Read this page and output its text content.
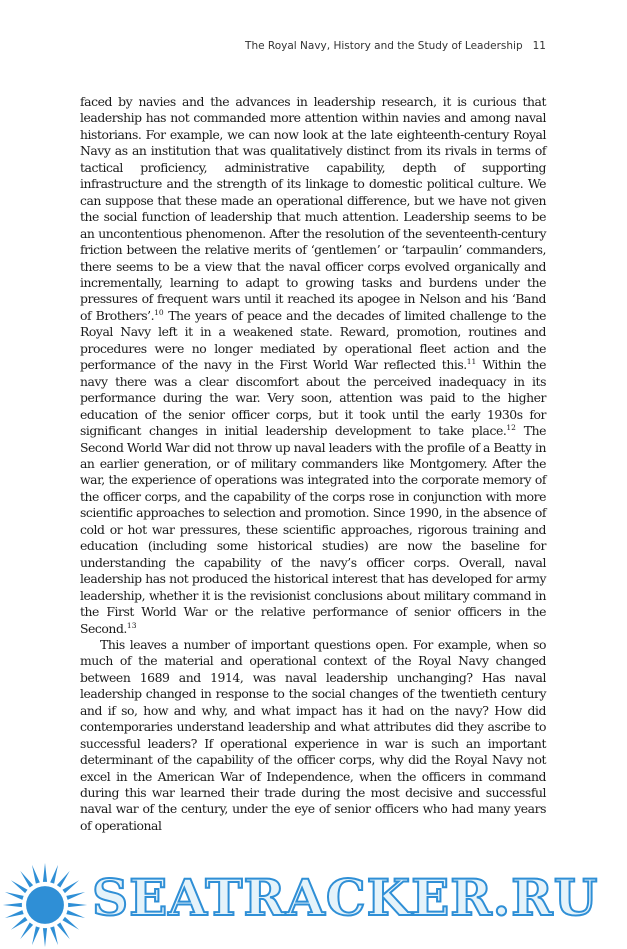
The Royal Navy, History and the Study of Leadership 11

faced by navies and the advances in leadership research, it is curious that leadership has not commanded more attention within navies and among naval historians. For example, we can now look at the late eighteenth-century Royal Navy as an institution that was qualitatively distinct from its rivals in terms of tactical proficiency, administrative capability, depth of supporting infrastructure and the strength of its linkage to domestic political culture. We can suppose that these made an operational difference, but we have not given the social function of leadership that much attention. Leadership seems to be an uncontentious phenomenon. After the resolution of the seventeenth-century friction between the relative merits of ‘gentlemen’ or ‘tarpaulin’ commanders, there seems to be a view that the naval officer corps evolved organically and incrementally, learning to adapt to growing tasks and burdens under the pressures of frequent wars until it reached its apogee in Nelson and his ‘Band of Brothers’.$^{10}$ The years of peace and the decades of limited challenge to the Royal Navy left it in a weakened state. Reward, promotion, routines and procedures were no longer mediated by operational fleet action and the performance of the navy in the First World War reflected this.$^{11}$ Within the navy there was a clear discomfort about the perceived inadequacy in its performance during the war. Very soon, attention was paid to the higher education of the senior officer corps, but it took until the early 1930s for significant changes in initial leadership development to take place.$^{12}$ The Second World War did not throw up naval leaders with the profile of a Beatty in an earlier generation, or of military commanders like Montgomery. After the war, the experience of operations was integrated into the corporate memory of the officer corps, and the capability of the corps rose in conjunction with more scientific approaches to selection and promotion. Since 1990, in the absence of cold or hot war pressures, these scientific approaches, rigorous training and education (including some historical studies) are now the baseline for understanding the capability of the navy’s officer corps. Overall, naval leadership has not produced the historical interest that has developed for army leadership, whether it is the revisionist conclusions about military command in the First World War or the relative performance of senior officers in the Second.$^{13}$

This leaves a number of important questions open. For example, when so much of the material and operational context of the Royal Navy changed between 1689 and 1914, was naval leadership unchanging? Has naval leadership changed in response to the social changes of the twentieth century and if so, how and why, and what impact has it had on the navy? How did contemporaries understand leadership and what attributes did they ascribe to successful leaders? If operational experience in war is such an important determinant of the capability of the officer corps, why did the Royal Navy not excel in the American War of Independence, when the officers in command during this war learned their trade during the most decisive and successful naval war of the century, under the eye of senior officers who had many years of operational

SEATRACKER.RU
